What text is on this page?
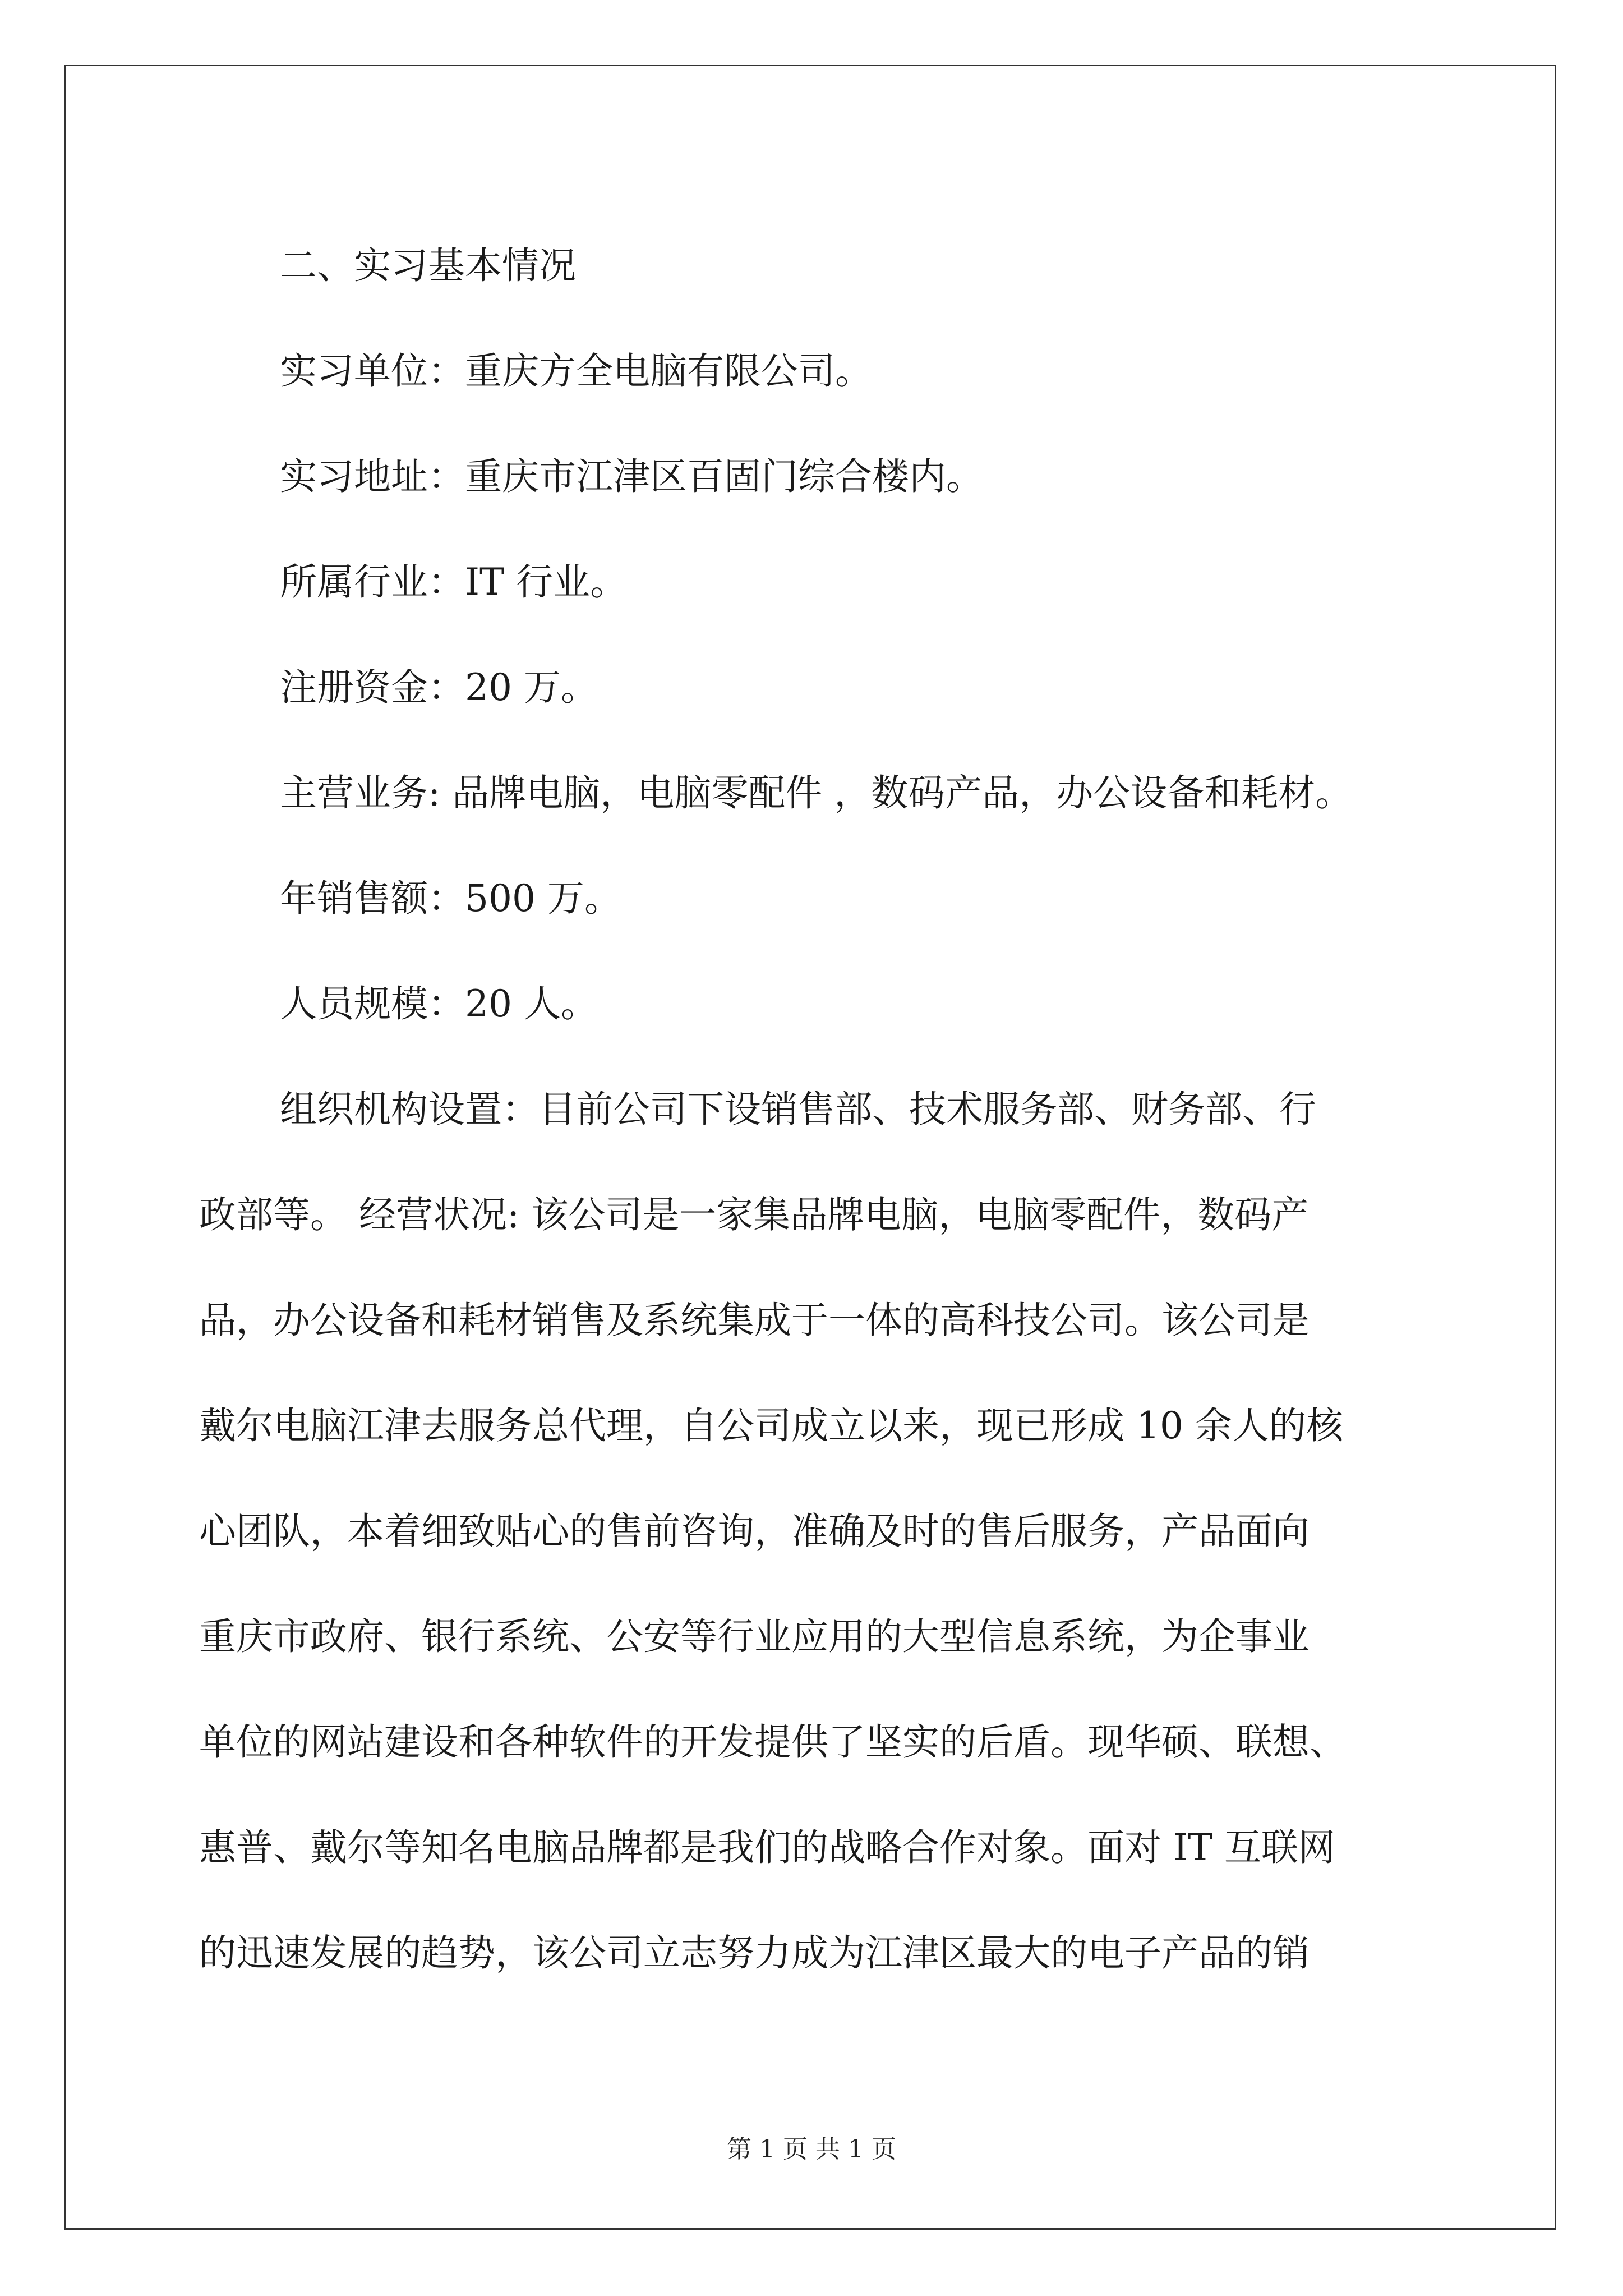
二、实习基本情况
实习单位：重庆方全电脑有限公司。
实习地址：重庆市江津区百固门综合楼内。
所属行业：IT 行业。
注册资金：20 万。
主营业务: 品牌电脑，电脑零配件 ，数码产品，办公设备和耗材。
年销售额：500 万。
人员规模：20 人。
组织机构设置：目前公司下设销售部、技术服务部、财务部、行
政部等。 经营状况: 该公司是一家集品牌电脑，电脑零配件，数码产
品，办公设备和耗材销售及系统集成于一体的高科技公司。该公司是
戴尔电脑江津去服务总代理，自公司成立以来，现已形成 10 余人的核
心团队，本着细致贴心的售前咨询，准确及时的售后服务，产品面向
重庆市政府、银行系统、公安等行业应用的大型信息系统，为企事业
单位的网站建设和各种软件的开发提供了坚实的后盾。现华硕、联想、
惠普、戴尔等知名电脑品牌都是我们的战略合作对象。面对 IT 互联网
的迅速发展的趋势，该公司立志努力成为江津区最大的电子产品的销
第 1 页 共 1 页
